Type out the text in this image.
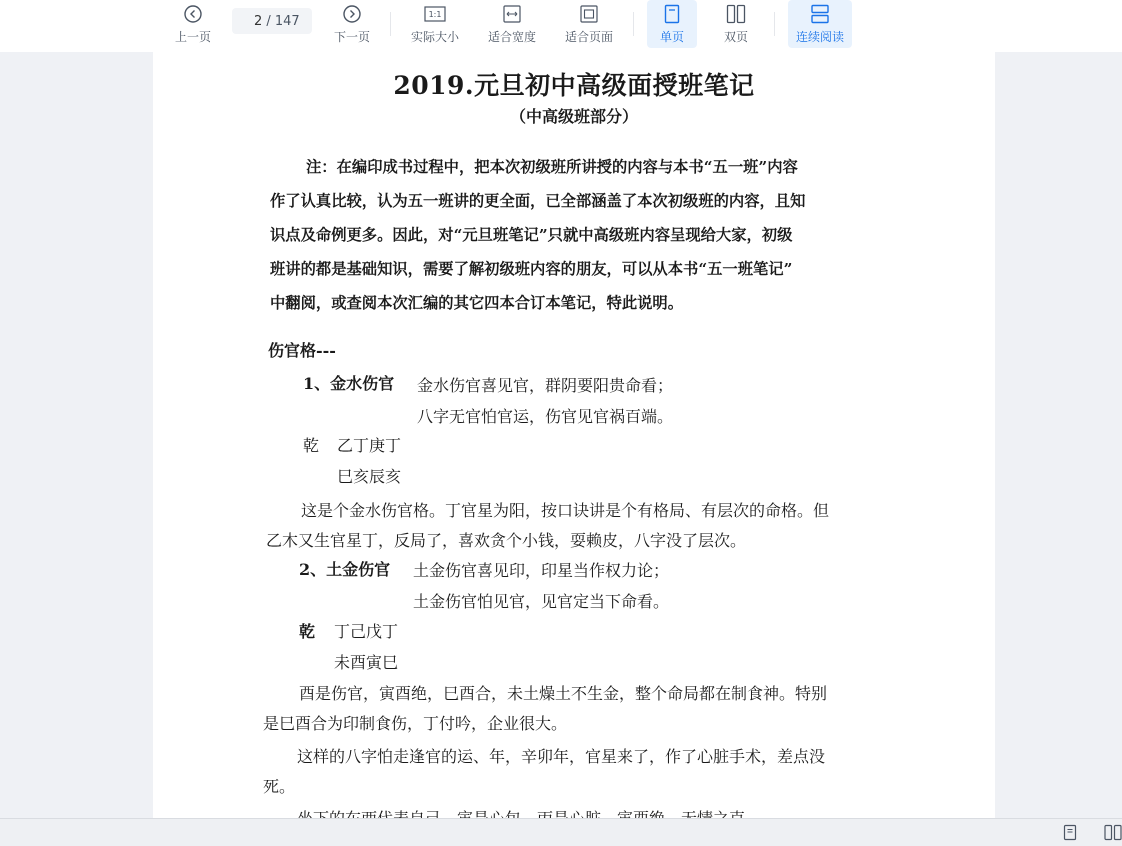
上一页
2
/ 147
下一页
1:1
实际大小 适合宽度 适合页面	单页	双页	连续阅读
2019.元旦初中高级面授班笔记
（中高级班部分）

注：在编印成书过程中，把本次初级班所讲授的内容与本书“五一班”内容

作了认真比较，认为五一班讲的更全面，已全部涵盖了本次初级班的内容，且知

识点及命例更多。因此，对“元旦班笔记”只就中高级班内容呈现给大家，初级

班讲的都是基础知识，需要了解初级班内容的朋友，可以从本书“五一班笔记”

中翻阅，或查阅本次汇编的其它四本合订本笔记，特此说明。

伤官格---
1、金水伤官 金水伤官喜见官，群阴要阳贵命看；
八字无官怕官运，伤官见官祸百端。
乾 乙丁庚丁
巳亥辰亥
这是个金水伤官格。丁官星为阳，按口诀讲是个有格局、有层次的命格。但
乙木又生官星丁，反局了，喜欢贪个小钱，耍赖皮，八字没了层次。
2、土金伤官 土金伤官喜见印，印星当作权力论；
土金伤官怕见官，见官定当下命看。
乾 丁己戊丁
未酉寅巳
酉是伤官，寅酉绝，巳酉合，未土燥土不生金，整个命局都在制食神。特别
是巳酉合为印制食伤，丁付吟，企业很大。
这样的八字怕走逢官的运、年，辛卯年，官星来了，作了心脏手术，差点没
死。
